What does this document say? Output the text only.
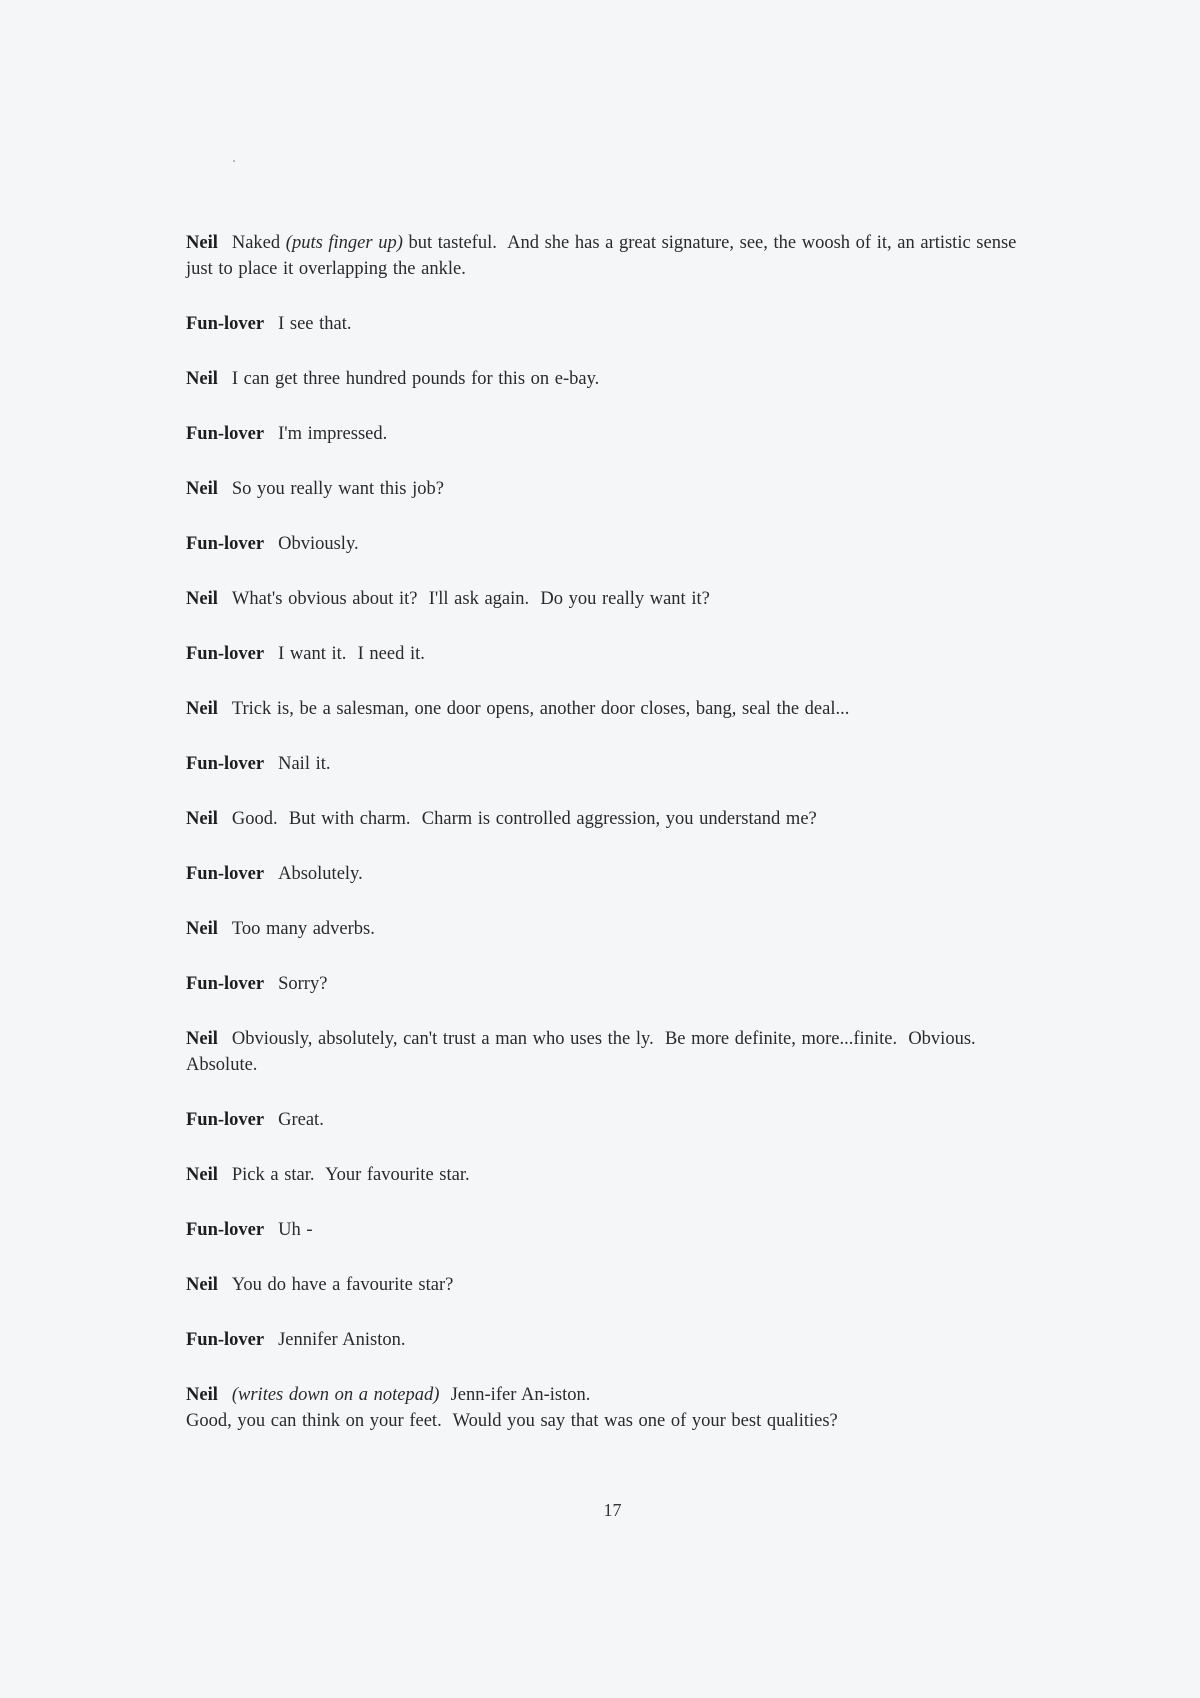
Neil Naked (puts finger up) but tasteful.  And she has a great signature, see, the woosh of it, an artistic sense just to place it overlapping the ankle.

Fun-lover I see that.

Neil I can get three hundred pounds for this on e-bay.

Fun-lover I'm impressed.

Neil So you really want this job?

Fun-lover Obviously.

Neil What's obvious about it?  I'll ask again.  Do you really want it?

Fun-lover I want it.  I need it.

Neil Trick is, be a salesman, one door opens, another door closes, bang, seal the deal...

Fun-lover Nail it.

Neil Good.  But with charm.  Charm is controlled aggression, you understand me?

Fun-lover Absolutely.

Neil Too many adverbs.

Fun-lover Sorry?

Neil Obviously, absolutely, can't trust a man who uses the ly.  Be more definite, more...finite.  Obvious.  Absolute.

Fun-lover Great.

Neil Pick a star.  Your favourite star.

Fun-lover Uh -

Neil You do have a favourite star?

Fun-lover Jennifer Aniston.

Neil (writes down on a notepad)  Jenn-ifer An-iston.
Good, you can think on your feet.  Would you say that was one of your best qualities?

17
